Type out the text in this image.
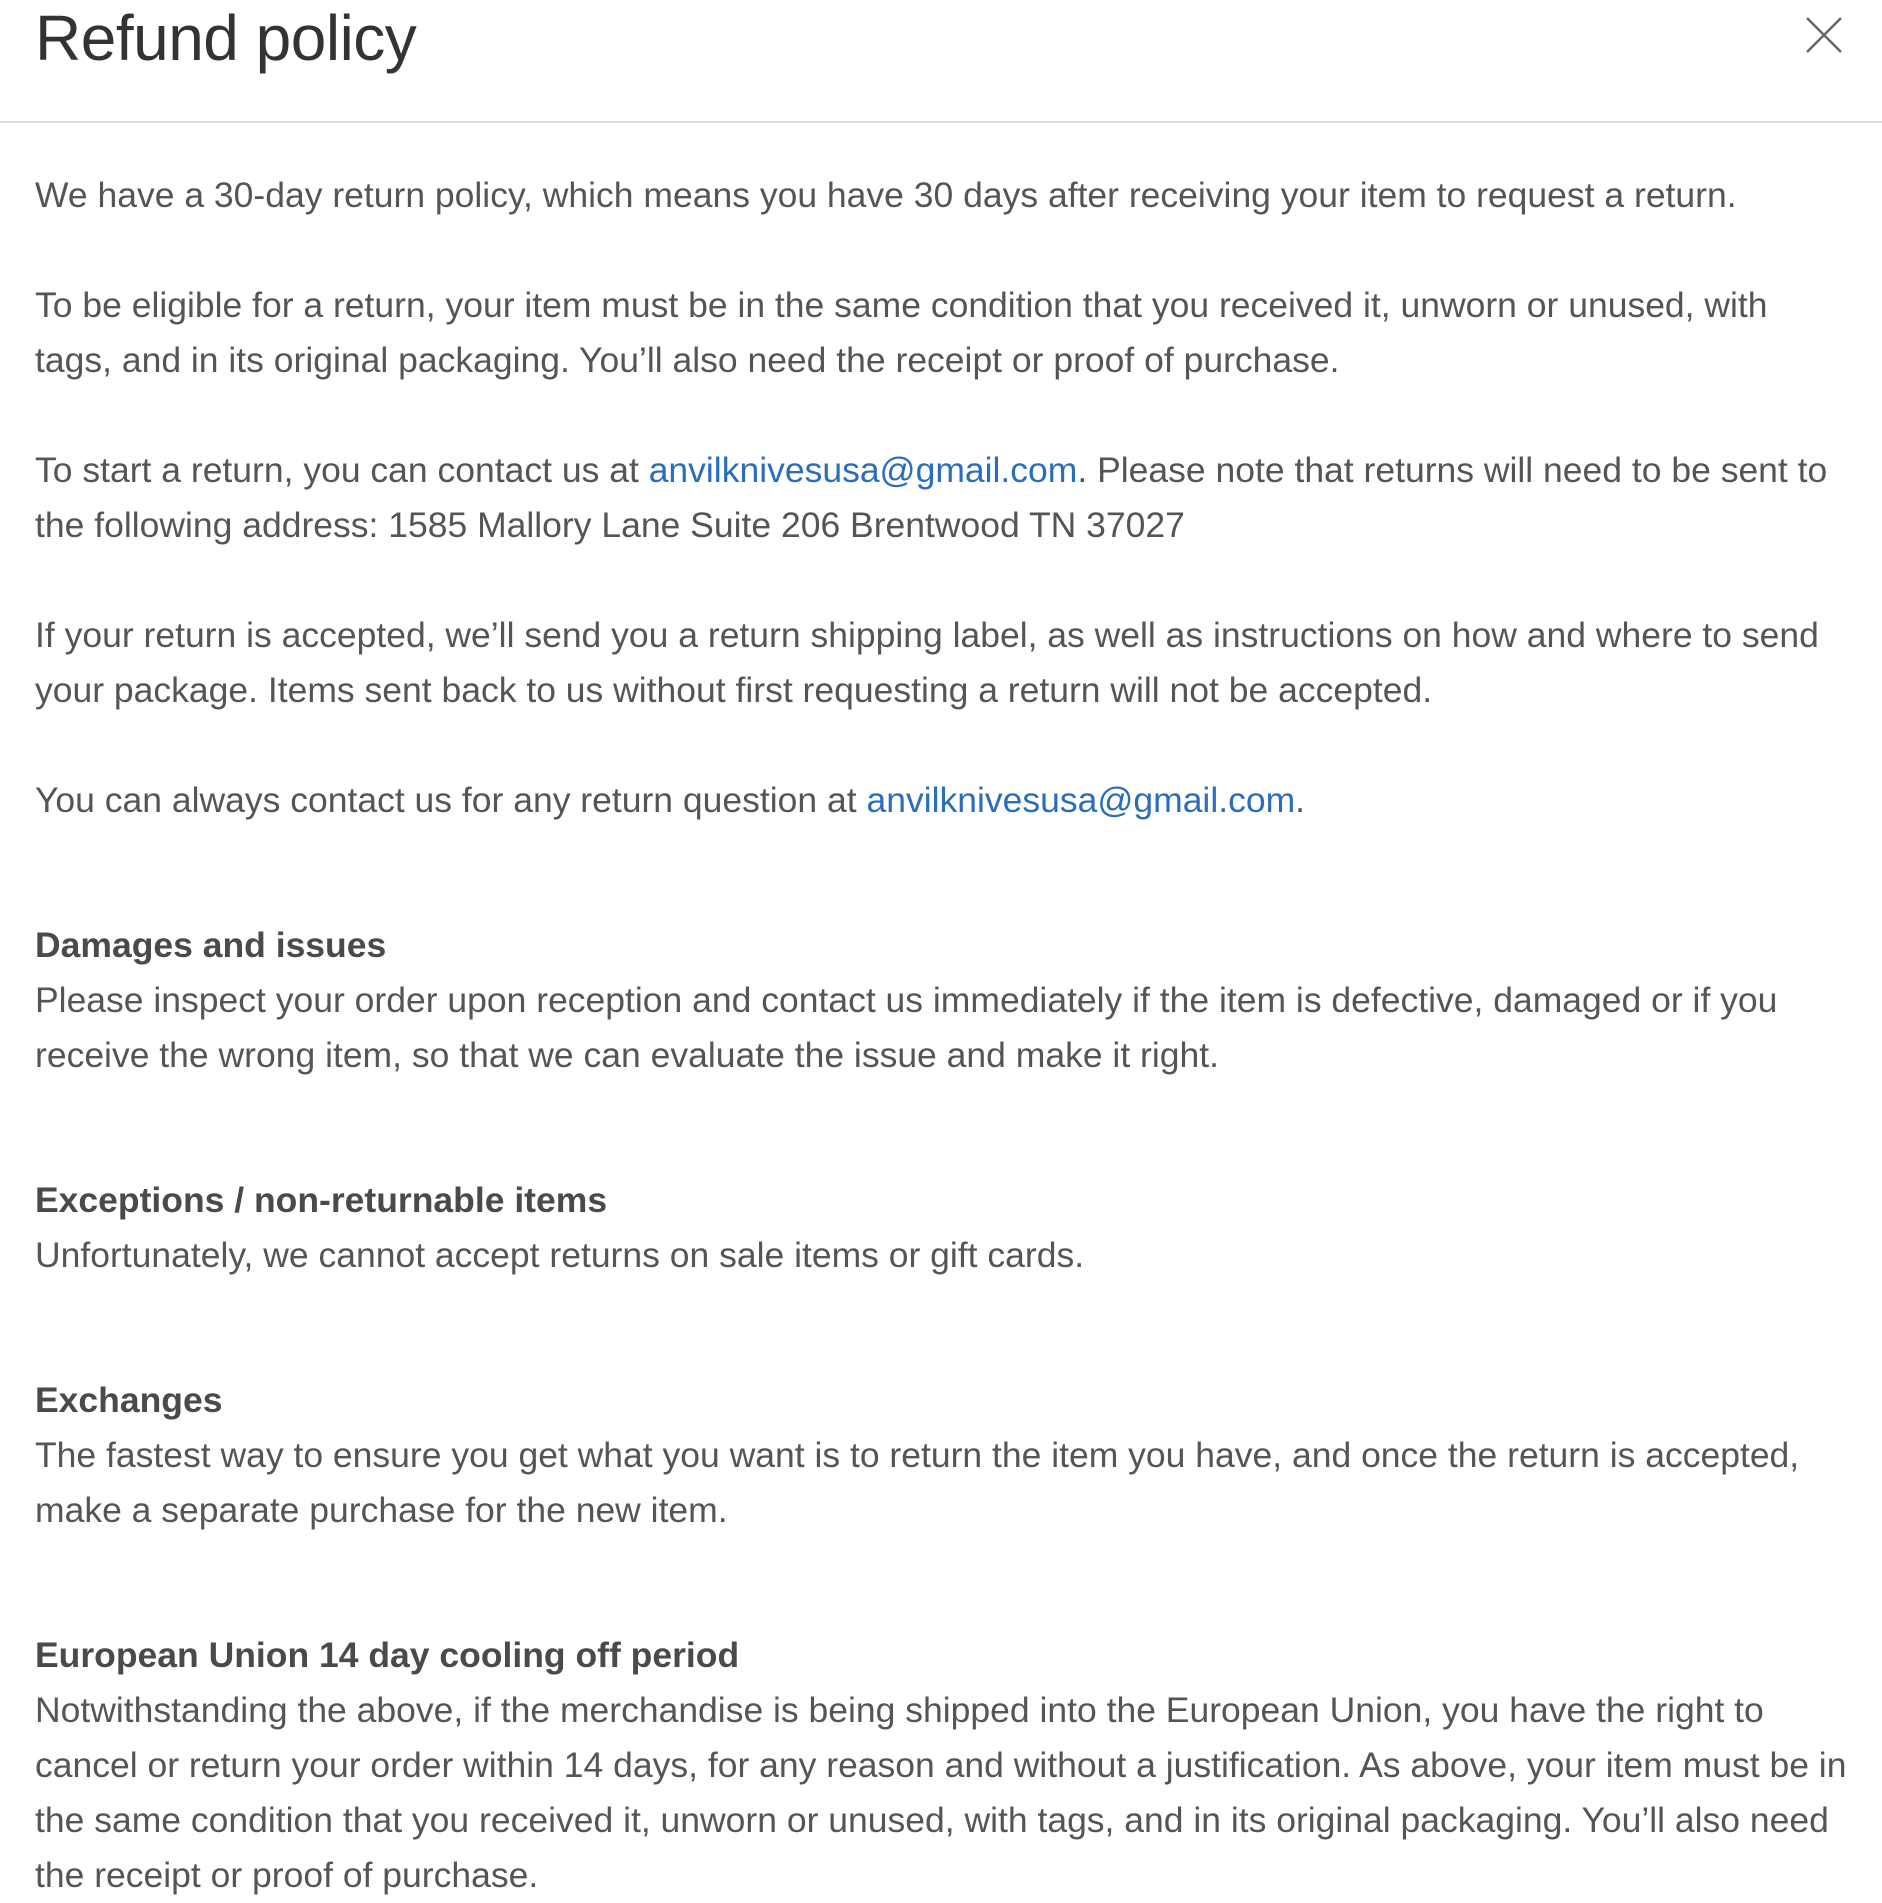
Refund policy

We have a 30-day return policy, which means you have 30 days after receiving your item to request a return.

To be eligible for a return, your item must be in the same condition that you received it, unworn or unused, with tags, and in its original packaging. You’ll also need the receipt or proof of purchase.

To start a return, you can contact us at anvilknivesusa@gmail.com. Please note that returns will need to be sent to the following address: 1585 Mallory Lane Suite 206 Brentwood TN 37027

If your return is accepted, we’ll send you a return shipping label, as well as instructions on how and where to send your package. Items sent back to us without first requesting a return will not be accepted.

You can always contact us for any return question at anvilknivesusa@gmail.com.

Damages and issues

Please inspect your order upon reception and contact us immediately if the item is defective, damaged or if you receive the wrong item, so that we can evaluate the issue and make it right.

Exceptions / non-returnable items

Unfortunately, we cannot accept returns on sale items or gift cards.

Exchanges

The fastest way to ensure you get what you want is to return the item you have, and once the return is accepted, make a separate purchase for the new item.

European Union 14 day cooling off period

Notwithstanding the above, if the merchandise is being shipped into the European Union, you have the right to cancel or return your order within 14 days, for any reason and without a justification. As above, your item must be in the same condition that you received it, unworn or unused, with tags, and in its original packaging. You’ll also need the receipt or proof of purchase.
